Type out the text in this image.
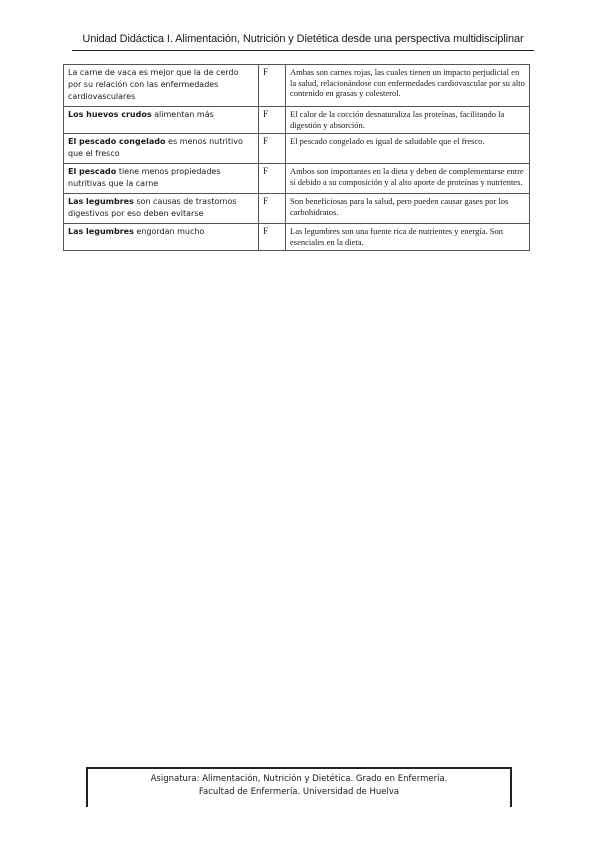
Unidad Didáctica I. Alimentación, Nutrición y Dietética desde una perspectiva multidisciplinar
La carne de vaca es mejor que la de cerdo por su relación con las enfermedades cardiovasculares	F	Ambas son carnes rojas, las cuales tienen un impacto perjudicial en la salud, relacionándose con enfermedades cardiovascular por su alto contenido en grasas y colesterol.
Los huevos crudos alimentan más	F	El calor de la cocción desnaturaliza las proteínas, facilitando la digestión y absorción.
El pescado congelado es menos nutritivo que el fresco	F	El pescado congelado es igual de saludable que el fresco.
El pescado tiene menos propiedades nutritivas que la carne	F	Ambos son importantes en la dieta y deben de complementarse entre sí debido a su composición y al alto aporte de proteínas y nutrientes.
Las legumbres son causas de trastornos digestivos por eso deben evitarse	F	Son beneficiosas para la salud, pero pueden causar gases por los carbohidratos.
Las legumbres engordan mucho	F	Las legumbres son una fuente rica de nutrientes y energía. Son esenciales en la dieta.
Asignatura: Alimentación, Nutrición y Dietética. Grado en Enfermería.
Facultad de Enfermería. Universidad de Huelva
